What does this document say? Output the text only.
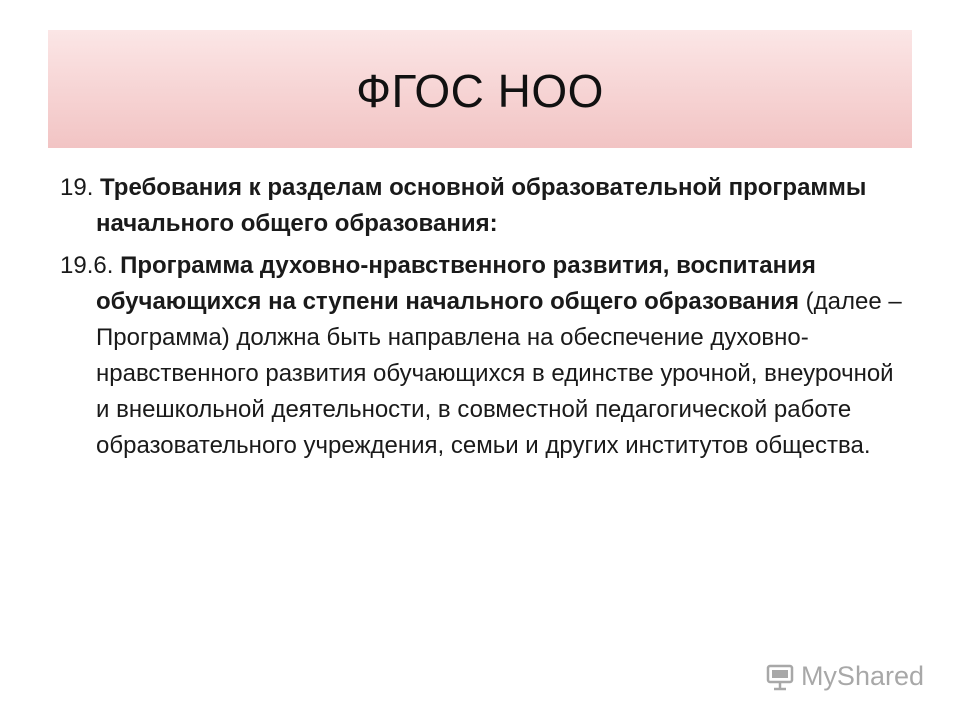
ФГОС НОО

19. Требования к разделам основной образовательной программы начального общего образования:

19.6. Программа духовно-нравственного развития, воспитания обучающихся на ступени начального общего образования (далее – Программа) должна быть направлена на обеспечение духовно-нравственного развития обучающихся в единстве урочной, внеурочной и внешкольной деятельности, в совместной педагогической работе образовательного учреждения, семьи и других институтов общества.

MyShared
